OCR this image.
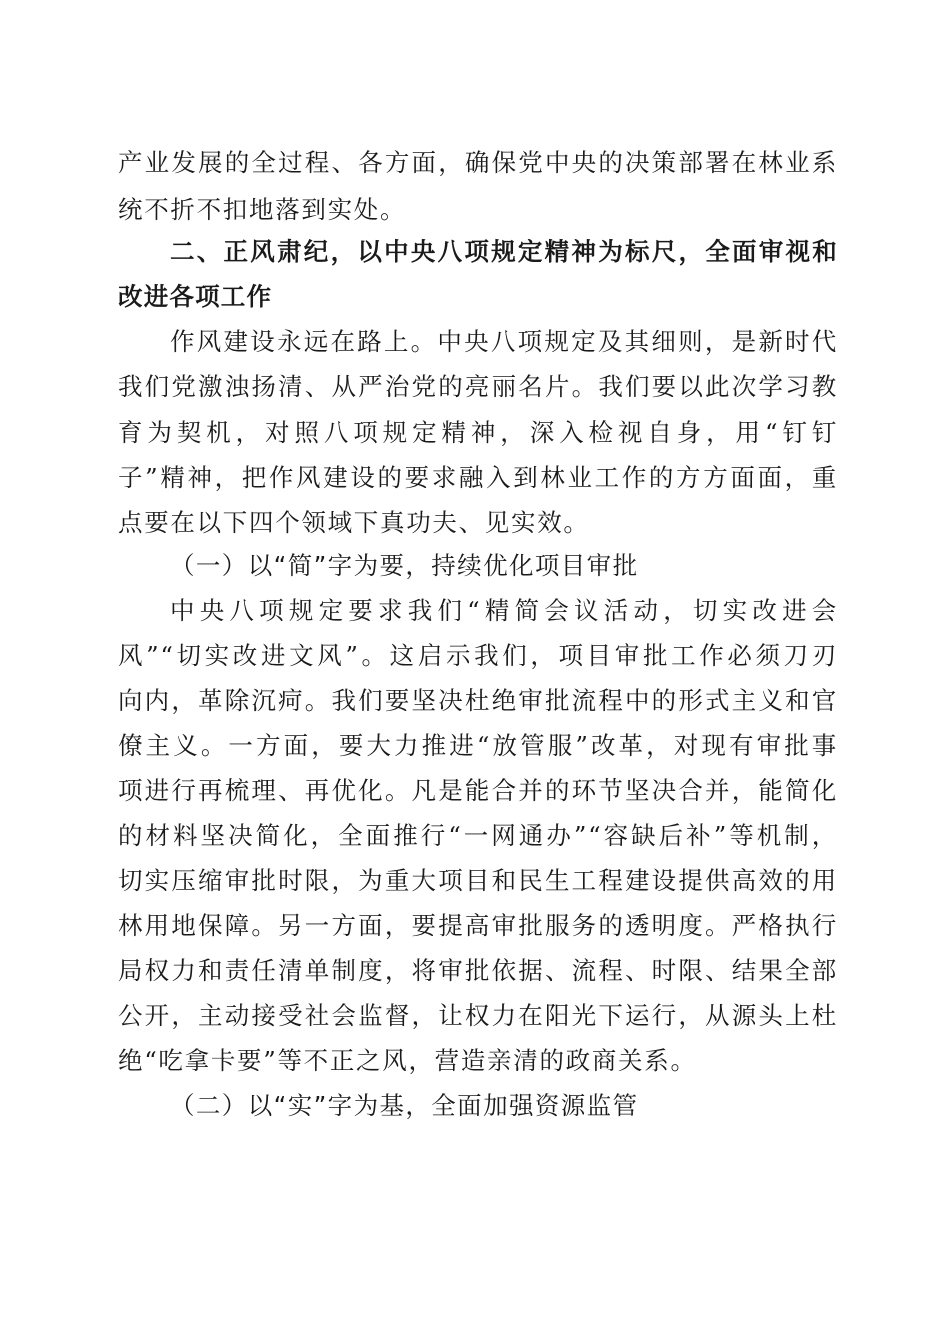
产业发展的全过程、各方面，确保党中央的决策部署在林业系
统不折不扣地落到实处。
二、正风肃纪，以中央八项规定精神为标尺，全面审视和
改进各项工作
作风建设永远在路上。中央八项规定及其细则，是新时代
我们党激浊扬清、从严治党的亮丽名片。我们要以此次学习教
育为契机，对照八项规定精神，深入检视自身，用“钉钉
子”精神，把作风建设的要求融入到林业工作的方方面面，重
点要在以下四个领域下真功夫、见实效。
（一）以“简”字为要，持续优化项目审批
中央八项规定要求我们“精简会议活动，切实改进会
风”“切实改进文风”。这启示我们，项目审批工作必须刀刃
向内，革除沉疴。我们要坚决杜绝审批流程中的形式主义和官
僚主义。一方面，要大力推进“放管服”改革，对现有审批事
项进行再梳理、再优化。凡是能合并的环节坚决合并，能简化
的材料坚决简化，全面推行“一网通办”“容缺后补”等机制，
切实压缩审批时限，为重大项目和民生工程建设提供高效的用
林用地保障。另一方面，要提高审批服务的透明度。严格执行
局权力和责任清单制度，将审批依据、流程、时限、结果全部
公开，主动接受社会监督，让权力在阳光下运行，从源头上杜
绝“吃拿卡要”等不正之风，营造亲清的政商关系。
（二）以“实”字为基，全面加强资源监管
